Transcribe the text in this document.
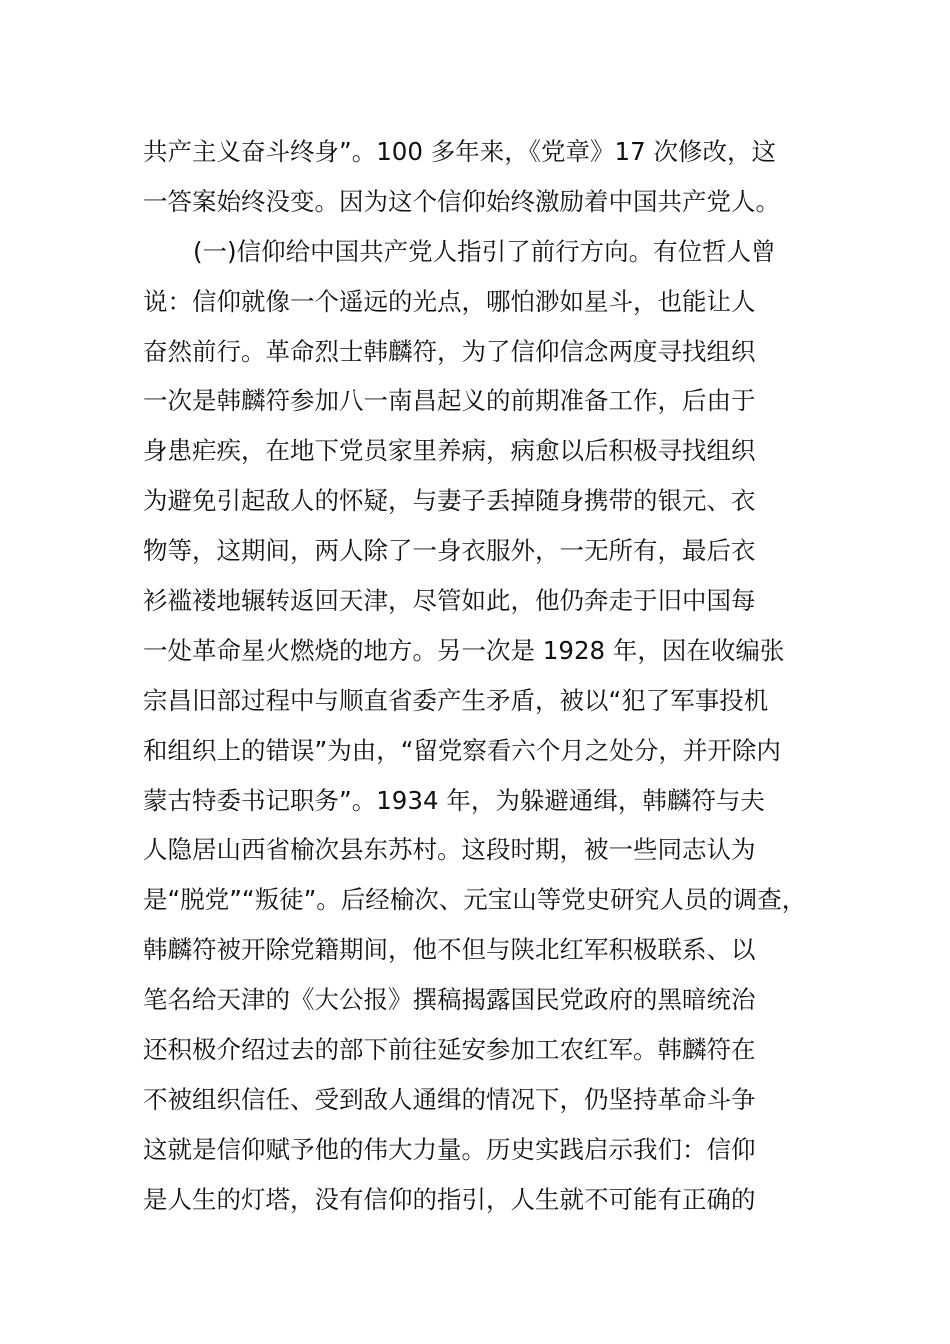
共产主义奋斗终身”。100 多年来，《党章》17 次修改，这
一答案始终没变。因为这个信仰始终激励着中国共产党人。
(一)信仰给中国共产党人指引了前行方向。有位哲人曾
说：信仰就像一个遥远的光点，哪怕渺如星斗，也能让人
奋然前行。革命烈士韩麟符，为了信仰信念两度寻找组织
一次是韩麟符参加八一南昌起义的前期准备工作，后由于
身患疟疾，在地下党员家里养病，病愈以后积极寻找组织
为避免引起敌人的怀疑，与妻子丢掉随身携带的银元、衣
物等，这期间，两人除了一身衣服外，一无所有，最后衣
衫褴褛地辗转返回天津，尽管如此，他仍奔走于旧中国每
一处革命星火燃烧的地方。另一次是 1928 年，因在收编张
宗昌旧部过程中与顺直省委产生矛盾，被以“犯了军事投机
和组织上的错误”为由，“留党察看六个月之处分，并开除内
蒙古特委书记职务”。1934 年，为躲避通缉，韩麟符与夫
人隐居山西省榆次县东苏村。这段时期，被一些同志认为
是“脱党”“叛徒”。后经榆次、元宝山等党史研究人员的调查，
韩麟符被开除党籍期间，他不但与陕北红军积极联系、以
笔名给天津的《大公报》撰稿揭露国民党政府的黑暗统治
还积极介绍过去的部下前往延安参加工农红军。韩麟符在
不被组织信任、受到敌人通缉的情况下，仍坚持革命斗争
这就是信仰赋予他的伟大力量。历史实践启示我们：信仰
是人生的灯塔，没有信仰的指引，人生就不可能有正确的
